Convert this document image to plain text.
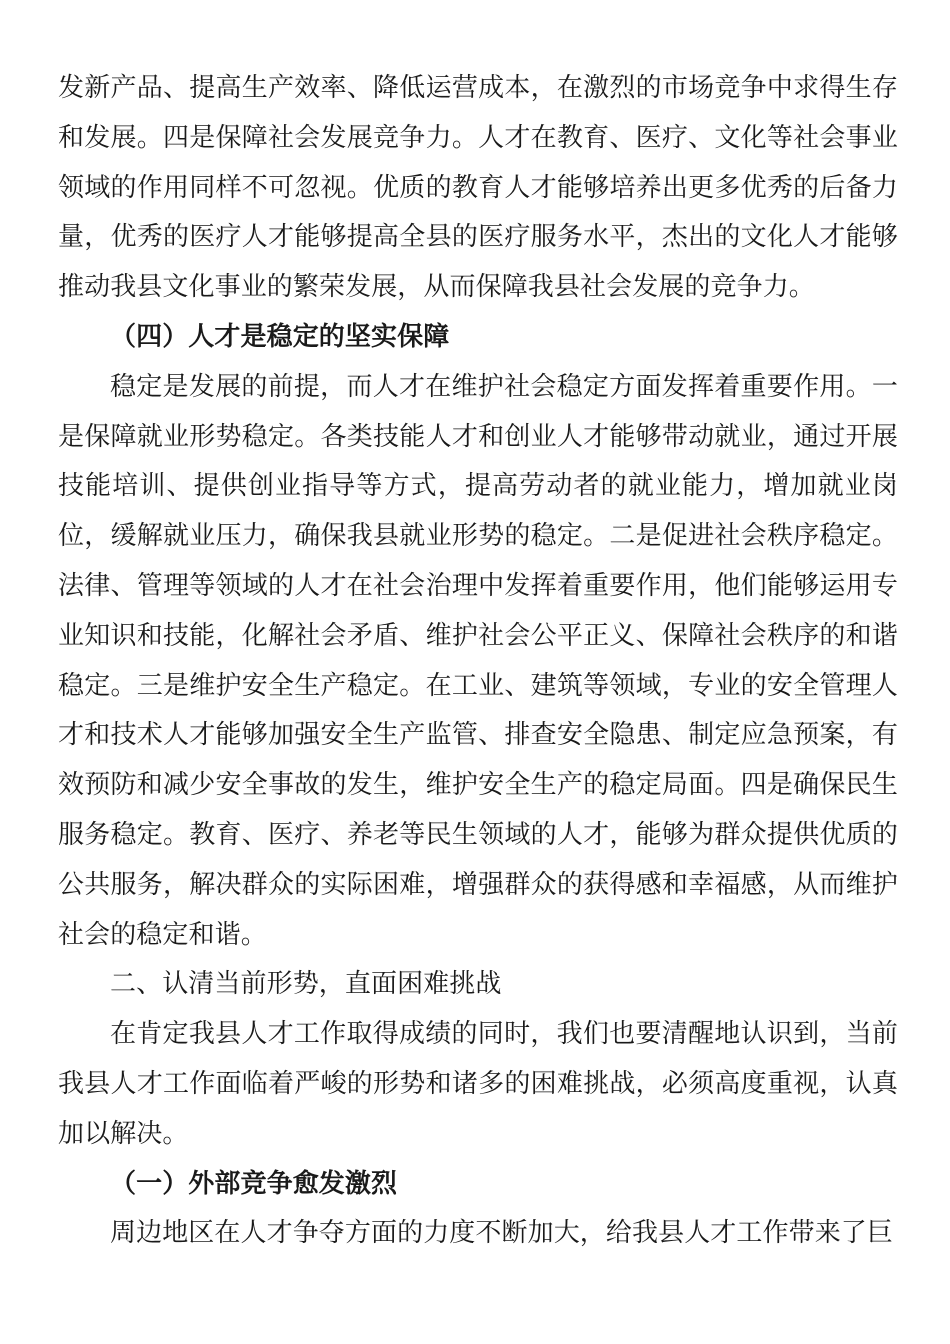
发新产品、提高生产效率、降低运营成本，在激烈的市场竞争中求得生存和发展。四是保障社会发展竞争力。人才在教育、医疗、文化等社会事业领域的作用同样不可忽视。优质的教育人才能够培养出更多优秀的后备力量，优秀的医疗人才能够提高全县的医疗服务水平，杰出的文化人才能够推动我县文化事业的繁荣发展，从而保障我县社会发展的竞争力。

（四）人才是稳定的坚实保障

稳定是发展的前提，而人才在维护社会稳定方面发挥着重要作用。一是保障就业形势稳定。各类技能人才和创业人才能够带动就业，通过开展技能培训、提供创业指导等方式，提高劳动者的就业能力，增加就业岗位，缓解就业压力，确保我县就业形势的稳定。二是促进社会秩序稳定。法律、管理等领域的人才在社会治理中发挥着重要作用，他们能够运用专业知识和技能，化解社会矛盾、维护社会公平正义、保障社会秩序的和谐稳定。三是维护安全生产稳定。在工业、建筑等领域，专业的安全管理人才和技术人才能够加强安全生产监管、排查安全隐患、制定应急预案，有效预防和减少安全事故的发生，维护安全生产的稳定局面。四是确保民生服务稳定。教育、医疗、养老等民生领域的人才，能够为群众提供优质的公共服务，解决群众的实际困难，增强群众的获得感和幸福感，从而维护社会的稳定和谐。

二、认清当前形势，直面困难挑战

在肯定我县人才工作取得成绩的同时，我们也要清醒地认识到，当前我县人才工作面临着严峻的形势和诸多的困难挑战，必须高度重视，认真加以解决。

（一）外部竞争愈发激烈

周边地区在人才争夺方面的力度不断加大，给我县人才工作带来了巨
